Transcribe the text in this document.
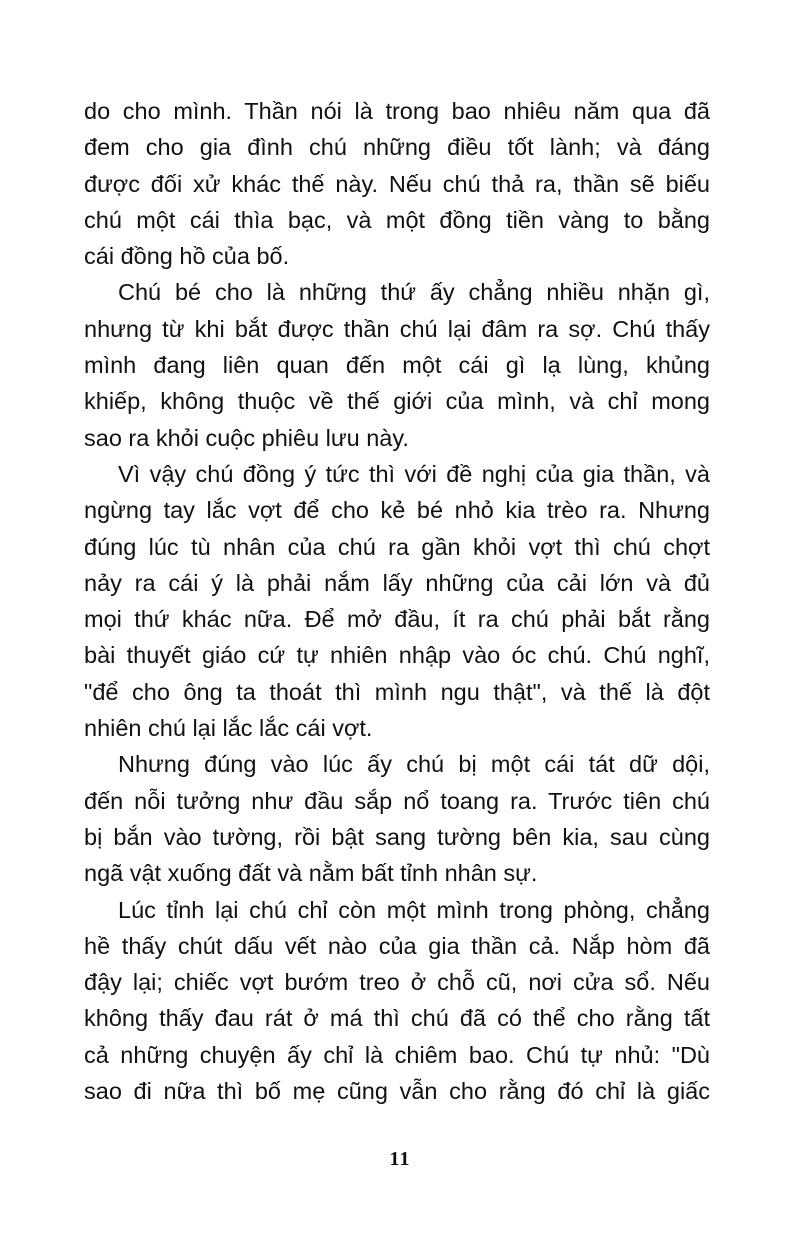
do cho mình. Thần nói là trong bao nhiêu năm qua đã
đem cho gia đình chú những điều tốt lành; và đáng
được đối xử khác thế này. Nếu chú thả ra, thần sẽ biếu
chú một cái thìa bạc, và một đồng tiền vàng to bằng
cái đồng hồ của bố.
Chú bé cho là những thứ ấy chẳng nhiều nhặn gì,
nhưng từ khi bắt được thần chú lại đâm ra sợ. Chú thấy
mình đang liên quan đến một cái gì lạ lùng, khủng
khiếp, không thuộc về thế giới của mình, và chỉ mong
sao ra khỏi cuộc phiêu lưu này.
Vì vậy chú đồng ý tức thì với đề nghị của gia thần, và
ngừng tay lắc vợt để cho kẻ bé nhỏ kia trèo ra. Nhưng
đúng lúc tù nhân của chú ra gần khỏi vợt thì chú chợt
nảy ra cái ý là phải nắm lấy những của cải lớn và đủ
mọi thứ khác nữa. Để mở đầu, ít ra chú phải bắt rằng
bài thuyết giáo cứ tự nhiên nhập vào óc chú. Chú nghĩ,
"để cho ông ta thoát thì mình ngu thật", và thế là đột
nhiên chú lại lắc lắc cái vợt.
Nhưng đúng vào lúc ấy chú bị một cái tát dữ dội,
đến nỗi tưởng như đầu sắp nổ toang ra. Trước tiên chú
bị bắn vào tường, rồi bật sang tường bên kia, sau cùng
ngã vật xuống đất và nằm bất tỉnh nhân sự.
Lúc tỉnh lại chú chỉ còn một mình trong phòng, chẳng
hề thấy chút dấu vết nào của gia thần cả. Nắp hòm đã
đậy lại; chiếc vợt bướm treo ở chỗ cũ, nơi cửa sổ. Nếu
không thấy đau rát ở má thì chú đã có thể cho rằng tất
cả những chuyện ấy chỉ là chiêm bao. Chú tự nhủ: "Dù
sao đi nữa thì bố mẹ cũng vẫn cho rằng đó chỉ là giấc
11
